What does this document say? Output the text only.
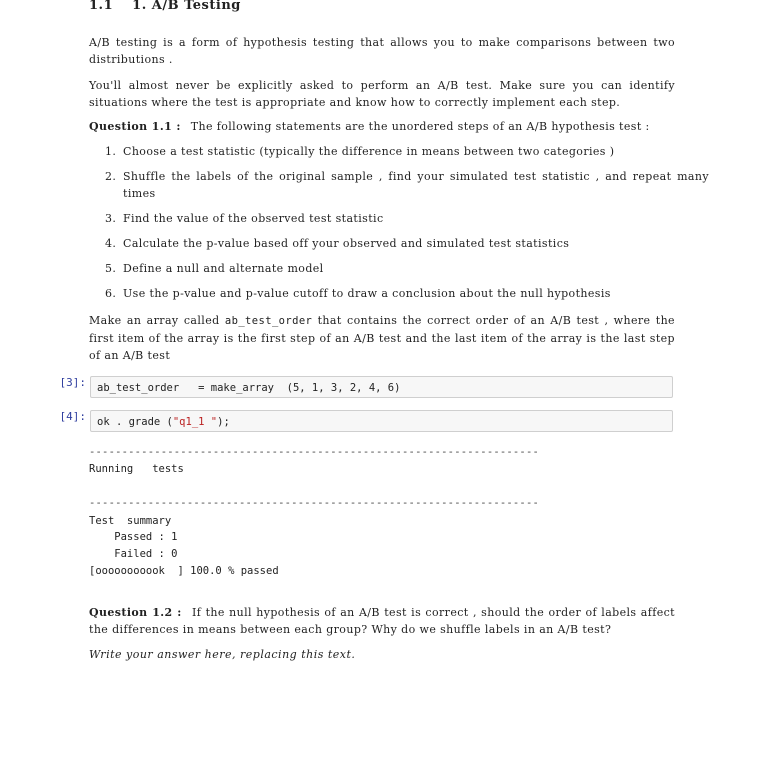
1.1 1. A/B Testing

A/B testing is a form of hypothesis testing that allows you to make comparisons between two distributions .

You'll almost never be explicitly asked to perform an A/B test. Make sure you can identify situations where the test is appropriate and know how to correctly implement each step.

Question 1.1 : The following statements are the unordered steps of an A/B hypothesis test :

1. Choose a test statistic (typically the difference in means between two categories )
2. Shuffle the labels of the original sample , find your simulated test statistic , and repeat many times
3. Find the value of the observed test statistic
4. Calculate the p-value based off your observed and simulated test statistics
5. Define a null and alternate model
6. Use the p-value and p-value cutoff to draw a conclusion about the null hypothesis

Make an array called ab_test_order that contains the correct order of an A/B test , where the first item of the array is the first step of an A/B test and the last item of the array is the last step of an A/B test

[3]:	ab_test_order   = make_array  (5, 1, 3, 2, 4, 6)
[4]:	ok . grade ("q1_1 ");
---------------------------------------------------------------------
Running   tests
---------------------------------------------------------------------
Test  summary
Passed : 1
Failed : 0
[ooooooooook  ] 100.0 % passed

Question 1.2 : If the null hypothesis of an A/B test is correct , should the order of labels affect the differences in means between each group? Why do we shuffle labels in an A/B test?

Write your answer here, replacing this text.
